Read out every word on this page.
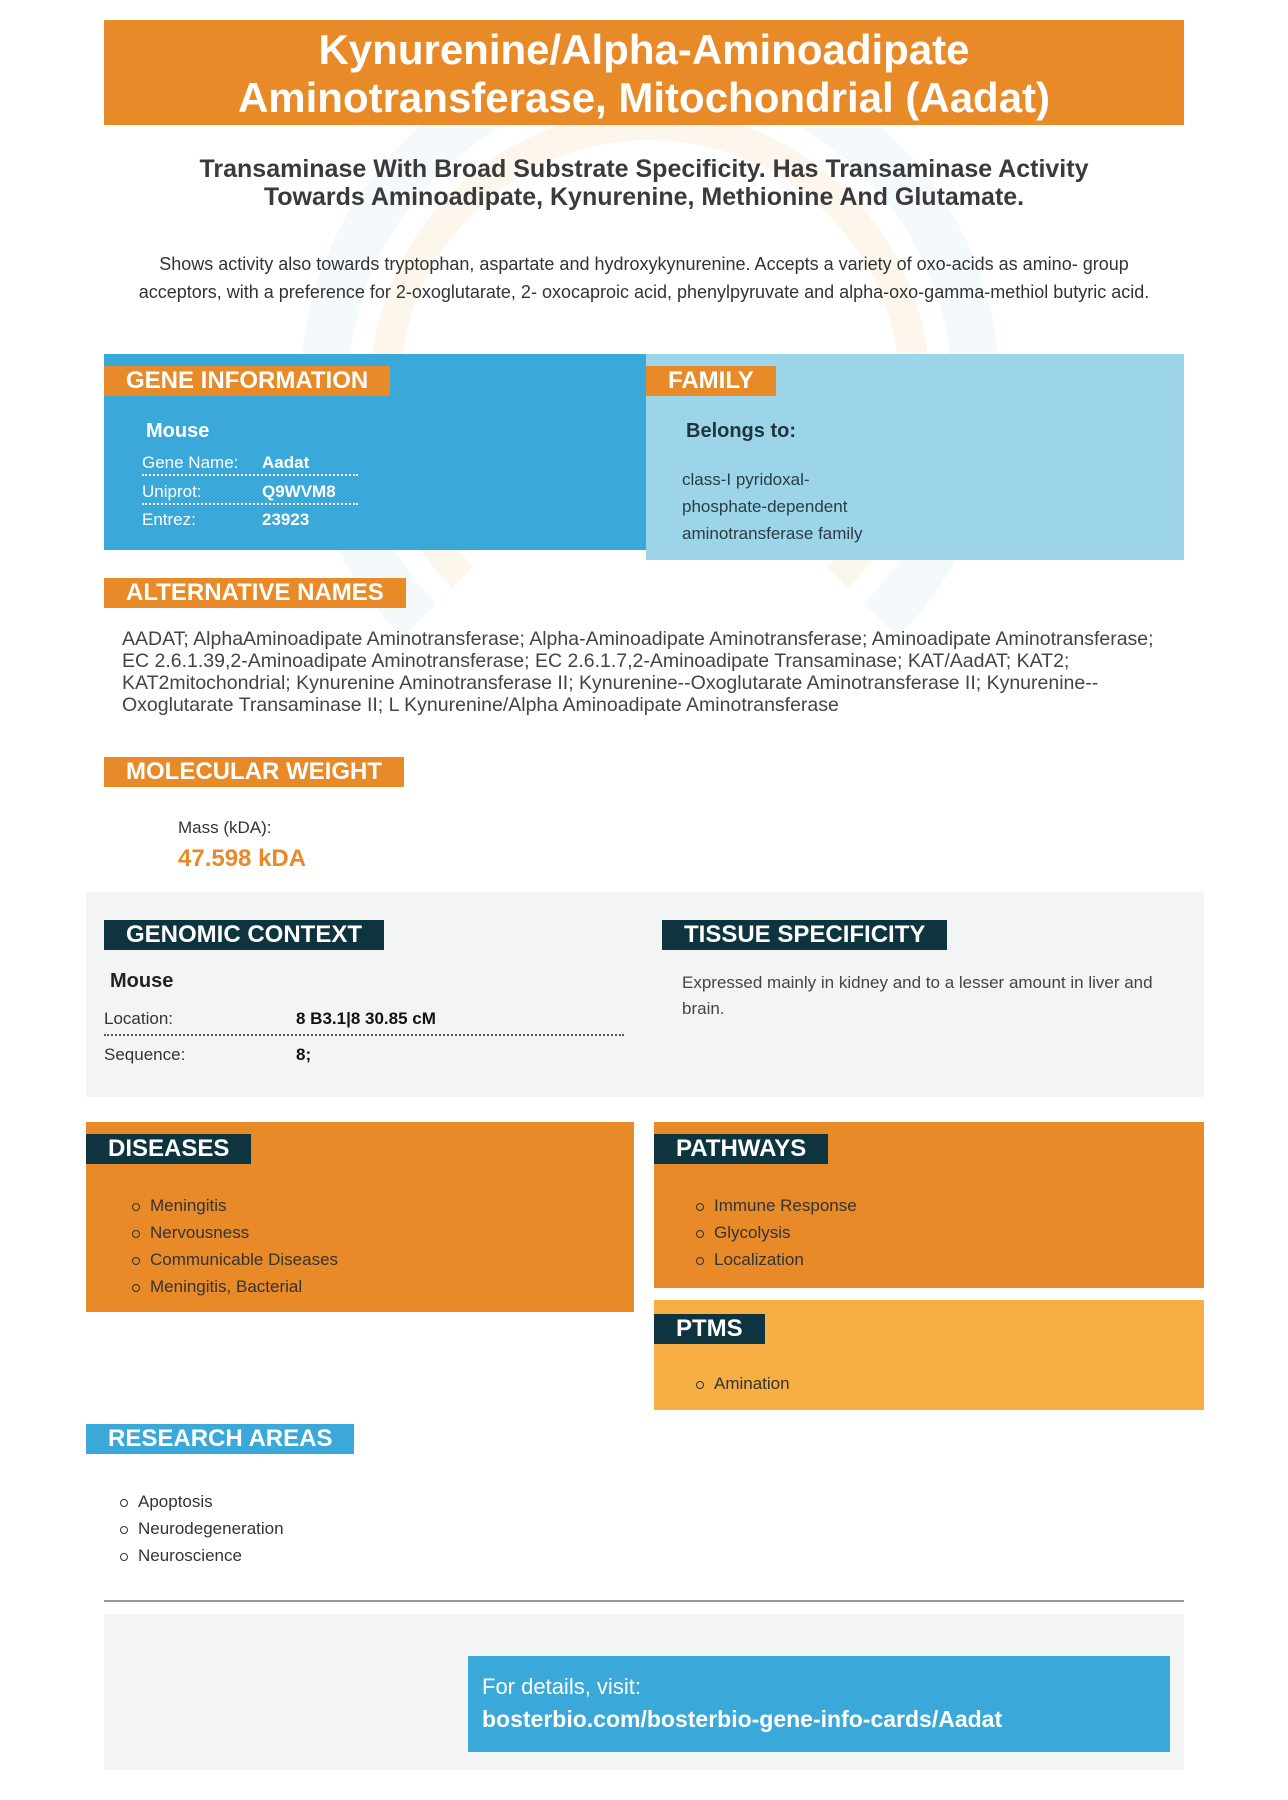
Kynurenine/Alpha-Aminoadipate
Aminotransferase, Mitochondrial (Aadat)
Transaminase With Broad Substrate Specificity. Has Transaminase Activity
Towards Aminoadipate, Kynurenine, Methionine And Glutamate.
Shows activity also towards tryptophan, aspartate and hydroxykynurenine. Accepts a variety of oxo-acids as amino- group acceptors, with a preference for 2-oxoglutarate, 2- oxocaproic acid, phenylpyruvate and alpha-oxo-gamma-methiol butyric acid.
GENE INFORMATION
Mouse
Gene Name: Aadat
Uniprot:	Q9WVM8
Entrez:	23923
FAMILY
Belongs to:
class-I pyridoxal-
phosphate-dependent
aminotransferase family
ALTERNATIVE NAMES
AADAT; AlphaAminoadipate Aminotransferase; Alpha-Aminoadipate Aminotransferase; Aminoadipate Aminotransferase; EC 2.6.1.39,2-Aminoadipate Aminotransferase; EC 2.6.1.7,2-Aminoadipate Transaminase; KAT/AadAT; KAT2; KAT2mitochondrial; Kynurenine Aminotransferase II; Kynurenine--Oxoglutarate Aminotransferase II; Kynurenine--Oxoglutarate Transaminase II; L Kynurenine/Alpha Aminoadipate Aminotransferase
MOLECULAR WEIGHT
Mass (kDA):
47.598 kDA
GENOMIC CONTEXT
Mouse
Location:	8 B3.1|8 30.85 cM
Sequence:	8;
TISSUE SPECIFICITY
Expressed mainly in kidney and to a lesser amount in liver and brain.
DISEASES
Meningitis
Nervousness
Communicable Diseases
Meningitis, Bacterial
PATHWAYS
Immune Response
Glycolysis
Localization
PTMS
Amination
RESEARCH AREAS
Apoptosis
Neurodegeneration
Neuroscience
For details, visit:
bosterbio.com/bosterbio-gene-info-cards/Aadat
